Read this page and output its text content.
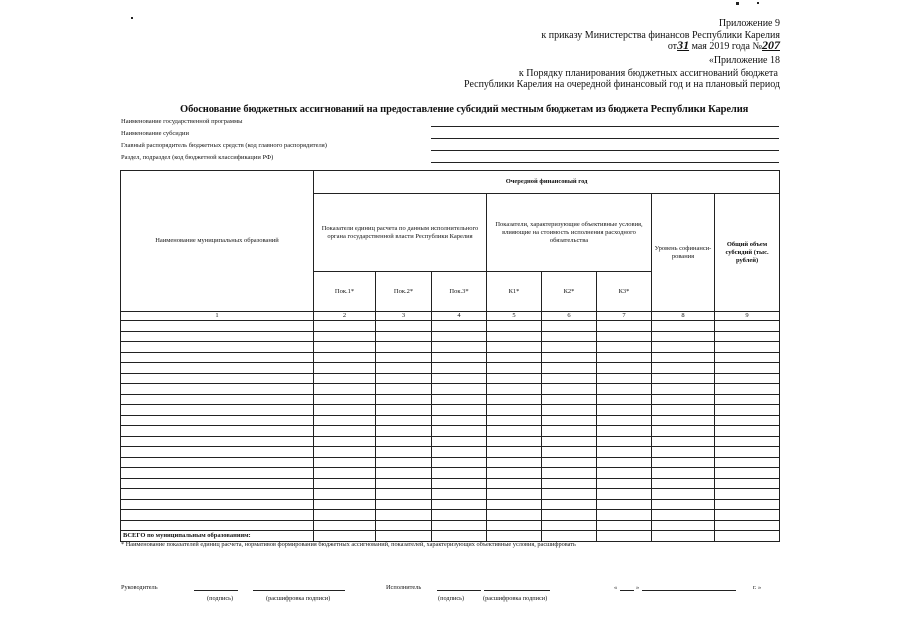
Приложение 9
к приказу Министерства финансов Республики Карелия
от31 мая 2019 года №207
«Приложение 18
к Порядку планирования бюджетных ассигнований бюджета
Республики Карелия на очередной финансовый год и на плановый период
Обоснование бюджетных ассигнований на предоставление субсидий местным бюджетам из бюджета Республики Карелия
Наименование государственной программы
Наименование субсидии
Главный распорядитель бюджетных средств (код главного распорядителя)
Раздел, подраздел (код бюджетной классификации РФ)
Наименование муниципальных образований	Очередной финансовый год							
	Показатели единиц расчета по данным исполнительного органа государственной власти Республики Карелия			Показатели, характеризующие объективные условия, влияющие на стоимость исполнения расходного обязательства			Уровень софинанси-рования	Общий объем субсидий (тыс. рублей)
	Пок.1*	Пок.2*	Пок.3*	К1*	К2*	К3*		
1	2	3	4	5	6	7	8	9

ВСЕГО по муниципальным образованиям:								
* Наименование показателей единиц расчета, нормативов формирования бюджетных ассигнований, показателей, характеризующих объективные условия, расшифровать
Руководитель
(подпись)	(расшифровка подписи)
Исполнитель
(подпись)	(расшифровка подписи)
«	»	г. »
